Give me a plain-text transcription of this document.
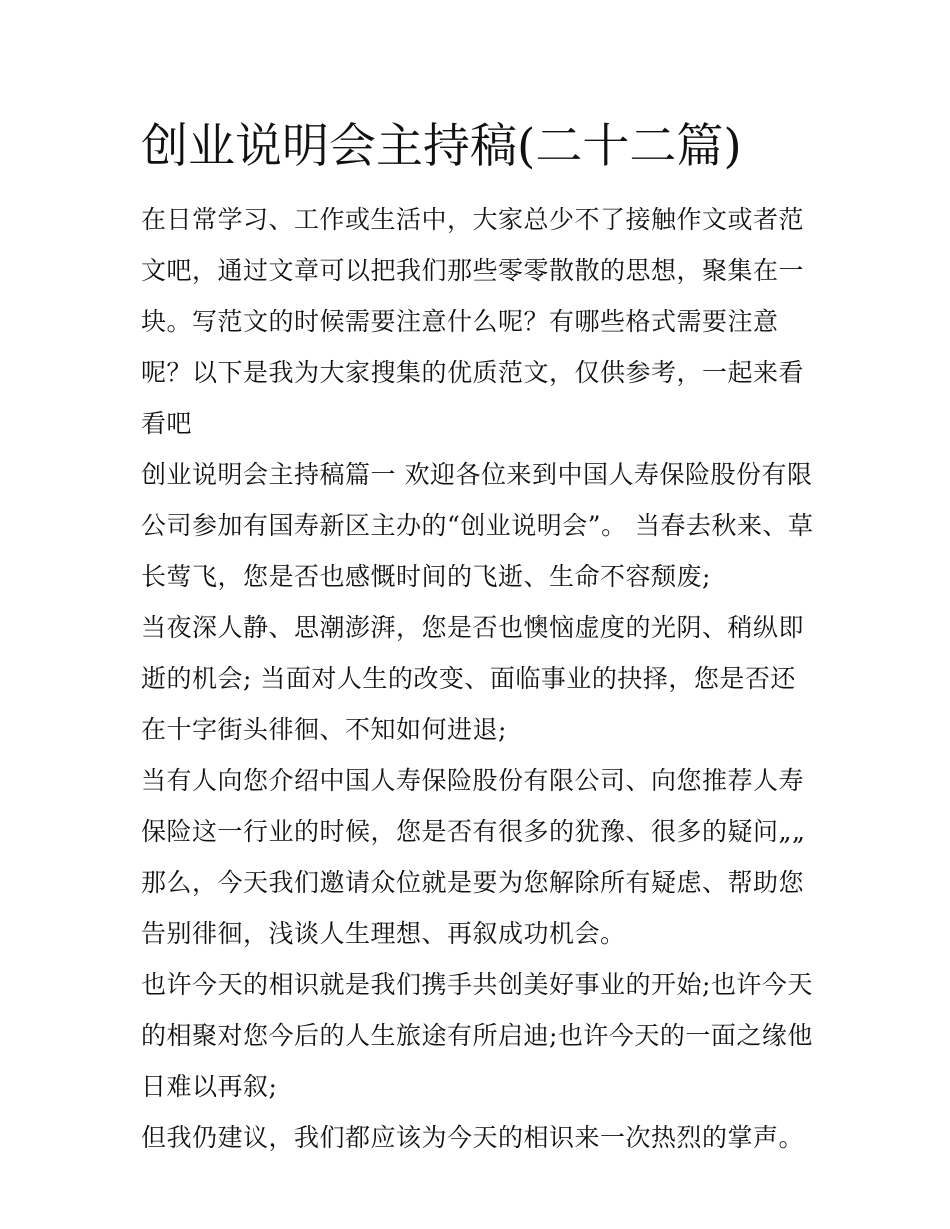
创业说明会主持稿(二十二篇)

在日常学习、工作或生活中，大家总少不了接触作文或者范文吧，通过文章可以把我们那些零零散散的思想，聚集在一块。写范文的时候需要注意什么呢？有哪些格式需要注意呢？以下是我为大家搜集的优质范文，仅供参考，一起来看看吧

创业说明会主持稿篇一 欢迎各位来到中国人寿保险股份有限公司参加有国寿新区主办的“创业说明会”。 当春去秋来、草长莺飞，您是否也感慨时间的飞逝、生命不容颓废;

当夜深人静、思潮澎湃，您是否也懊恼虚度的光阴、稍纵即逝的机会; 当面对人生的改变、面临事业的抉择，您是否还在十字街头徘徊、不知如何进退;

当有人向您介绍中国人寿保险股份有限公司、向您推荐人寿保险这一行业的时候，您是否有很多的犹豫、很多的疑问„„

那么，今天我们邀请众位就是要为您解除所有疑虑、帮助您告别徘徊，浅谈人生理想、再叙成功机会。

也许今天的相识就是我们携手共创美好事业的开始;也许今天的相聚对您今后的人生旅途有所启迪;也许今天的一面之缘他日难以再叙;

但我仍建议，我们都应该为今天的相识来一次热烈的掌声。
